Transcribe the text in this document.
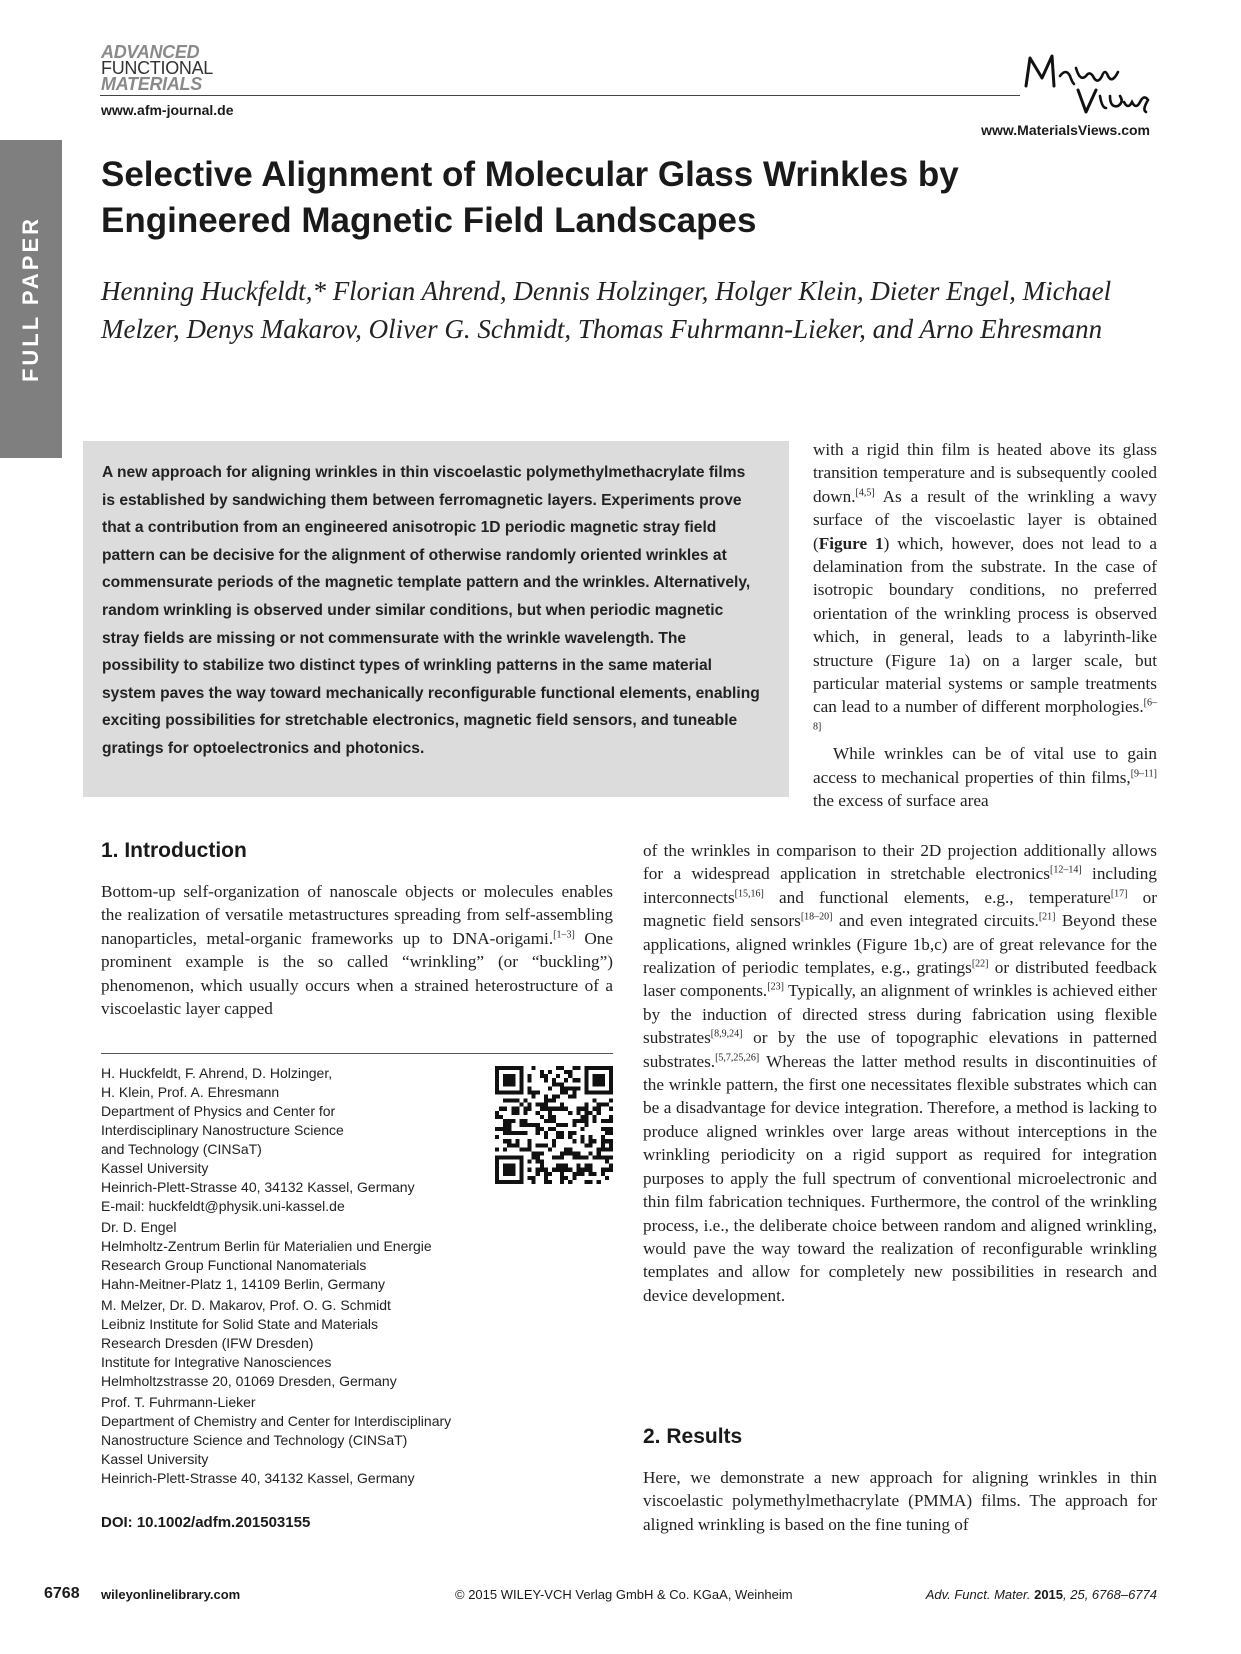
FULL PAPER
ADVANCED
FUNCTIONAL
MATERIALS
www.afm-journal.de
www.MaterialsViews.com
Selective Alignment of Molecular Glass Wrinkles by Engineered Magnetic Field Landscapes
Henning Huckfeldt,* Florian Ahrend, Dennis Holzinger, Holger Klein, Dieter Engel, Michael Melzer, Denys Makarov, Oliver G. Schmidt, Thomas Fuhrmann-Lieker, and Arno Ehresmann
A new approach for aligning wrinkles in thin viscoelastic polymethylmethacrylate films is established by sandwiching them between ferromagnetic layers. Experiments prove that a contribution from an engineered anisotropic 1D periodic magnetic stray field pattern can be decisive for the alignment of otherwise randomly oriented wrinkles at commensurate periods of the magnetic template pattern and the wrinkles. Alternatively, random wrinkling is observed under similar conditions, but when periodic magnetic stray fields are missing or not commensurate with the wrinkle wavelength. The possibility to stabilize two distinct types of wrinkling patterns in the same material system paves the way toward mechanically reconfigurable functional elements, enabling exciting possibilities for stretchable electronics, magnetic field sensors, and tuneable gratings for optoelectronics and photonics.

with a rigid thin film is heated above its glass transition temperature and is subsequently cooled down.[4,5] As a result of the wrinkling a wavy surface of the viscoelastic layer is obtained (Figure 1) which, however, does not lead to a delamination from the substrate. In the case of isotropic boundary conditions, no preferred orientation of the wrinkling process is observed which, in general, leads to a labyrinth-like structure (Figure 1a) on a larger scale, but particular material systems or sample treatments can lead to a number of different morphologies.[6–8]

While wrinkles can be of vital use to gain access to mechanical properties of thin films,[9–11] the excess of surface area

1. Introduction

Bottom-up self-organization of nanoscale objects or molecules enables the realization of versatile metastructures spreading from self-assembling nanoparticles, metal-organic frameworks up to DNA-origami.[1–3] One prominent example is the so called “wrinkling” (or “buckling”) phenomenon, which usually occurs when a strained heterostructure of a viscoelastic layer capped

of the wrinkles in comparison to their 2D projection additionally allows for a widespread application in stretchable electronics[12–14] including interconnects[15,16] and functional elements, e.g., temperature[17] or magnetic field sensors[18–20] and even integrated circuits.[21] Beyond these applications, aligned wrinkles (Figure 1b,c) are of great relevance for the realization of periodic templates, e.g., gratings[22] or distributed feedback laser components.[23] Typically, an alignment of wrinkles is achieved either by the induction of directed stress during fabrication using flexible substrates[8,9,24] or by the use of topographic elevations in patterned substrates.[5,7,25,26] Whereas the latter method results in discontinuities of the wrinkle pattern, the first one necessitates flexible substrates which can be a disadvantage for device integration. Therefore, a method is lacking to produce aligned wrinkles over large areas without interceptions in the wrinkling periodicity on a rigid support as required for integration purposes to apply the full spectrum of conventional microelectronic and thin film fabrication techniques. Furthermore, the control of the wrinkling process, i.e., the deliberate choice between random and aligned wrinkling, would pave the way toward the realization of reconfigurable wrinkling templates and allow for completely new possibilities in research and device development.

H. Huckfeldt, F. Ahrend, D. Holzinger,
H. Klein, Prof. A. Ehresmann
Department of Physics and Center for
Interdisciplinary Nanostructure Science
and Technology (CINSaT)
Kassel University
Heinrich-Plett-Strasse 40, 34132 Kassel, Germany
E-mail: huckfeldt@physik.uni-kassel.de
Dr. D. Engel
Helmholtz-Zentrum Berlin für Materialien und Energie
Research Group Functional Nanomaterials
Hahn-Meitner-Platz 1, 14109 Berlin, Germany
M. Melzer, Dr. D. Makarov, Prof. O. G. Schmidt
Leibniz Institute for Solid State and Materials
Research Dresden (IFW Dresden)
Institute for Integrative Nanosciences
Helmholtzstrasse 20, 01069 Dresden, Germany
Prof. T. Fuhrmann-Lieker
Department of Chemistry and Center for Interdisciplinary
Nanostructure Science and Technology (CINSaT)
Kassel University
Heinrich-Plett-Strasse 40, 34132 Kassel, Germany
DOI: 10.1002/adfm.201503155
2. Results

Here, we demonstrate a new approach for aligning wrinkles in thin viscoelastic polymethylmethacrylate (PMMA) films. The approach for aligned wrinkling is based on the fine tuning of

6768 wileyonlinelibrary.com	© 2015 WILEY-VCH Verlag GmbH & Co. KGaA, Weinheim	Adv. Funct. Mater. 2015, 25, 6768–6774
